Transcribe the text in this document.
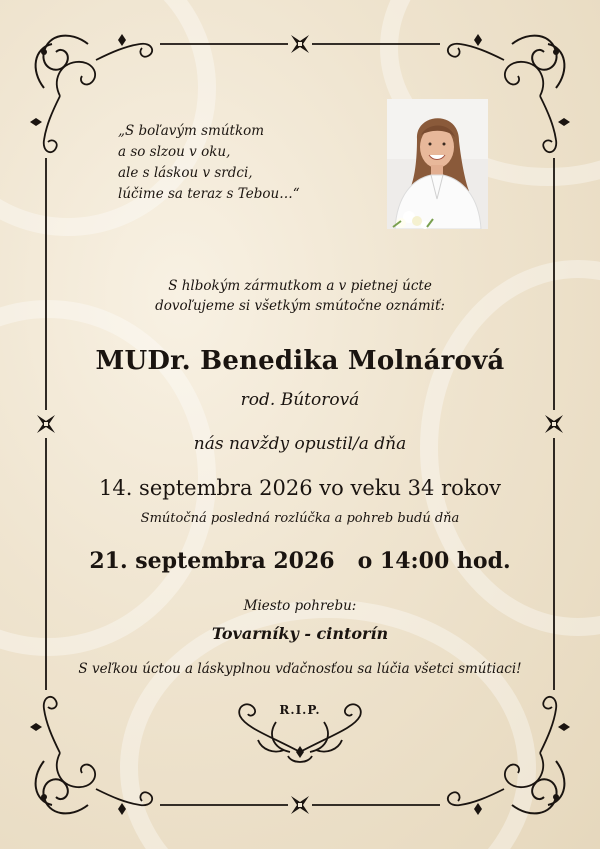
„S boľavým smútkom
a so slzou v oku,
ale s láskou v srdci,
lúčime sa teraz s Tebou…“
S hlbokým zármutkom a v pietnej úcte
dovoľujeme si všetkým smútočne oznámiť:
MUDr. Benedika Molnárová
rod. Bútorová
nás navždy opustil/a dňa
14. septembra 2026 vo veku 34 rokov
Smútočná posledná rozlúčka a pohreb budú dňa
21. septembra 2026   o 14:00 hod.
Miesto pohrebu:
Tovarníky - cintorín
S veľkou úctou a láskyplnou vďačnosťou sa lúčia všetci smútiaci!
R.I.P.
